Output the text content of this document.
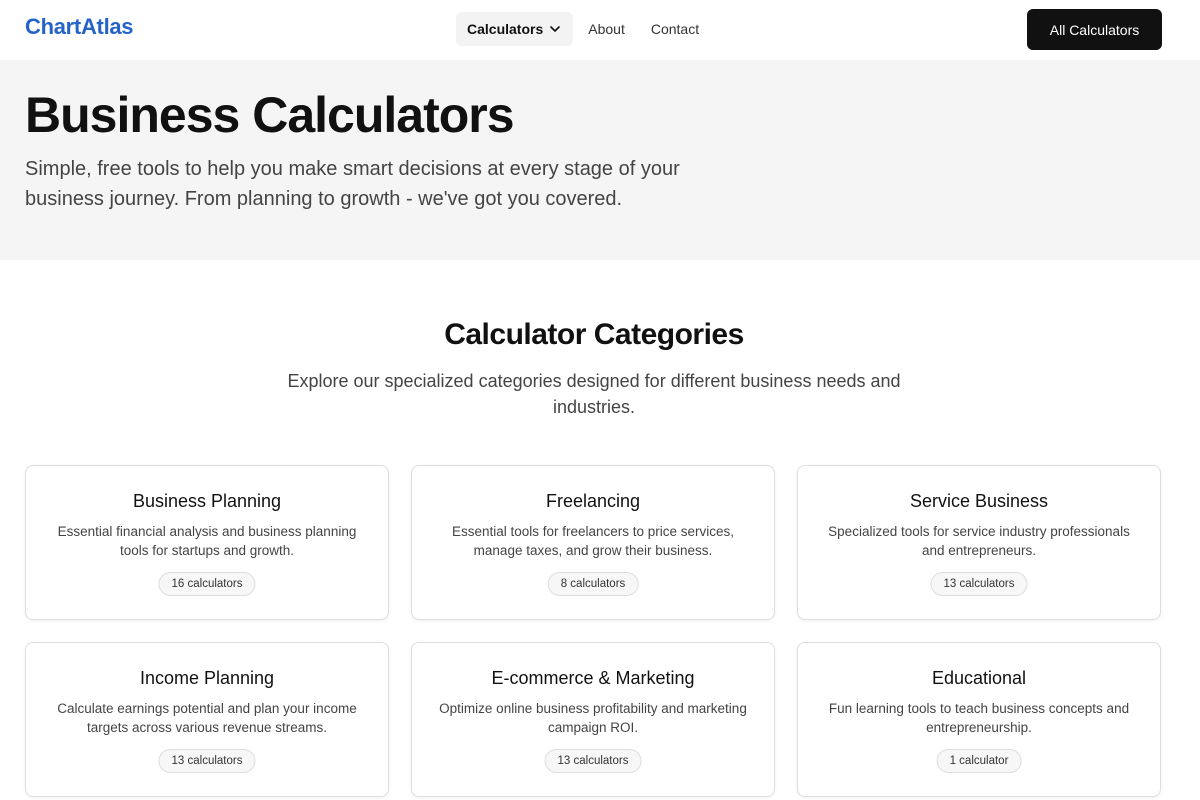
ChartAtlas	Calculators	About Contact	All Calculators
Business Calculators

Simple, free tools to help you make smart decisions at every stage of your business journey. From planning to growth - we've got you covered.

Calculator Categories

Explore our specialized categories designed for different business needs and industries.

Business Planning
Essential financial analysis and business planning tools for startups and growth.
16 calculators
Freelancing
Essential tools for freelancers to price services, manage taxes, and grow their business.
8 calculators
Service Business
Specialized tools for service industry professionals and entrepreneurs.
13 calculators
Income Planning
Calculate earnings potential and plan your income targets across various revenue streams.
13 calculators
E-commerce & Marketing
Optimize online business profitability and marketing campaign ROI.
13 calculators
Educational
Fun learning tools to teach business concepts and entrepreneurship.
1 calculator
